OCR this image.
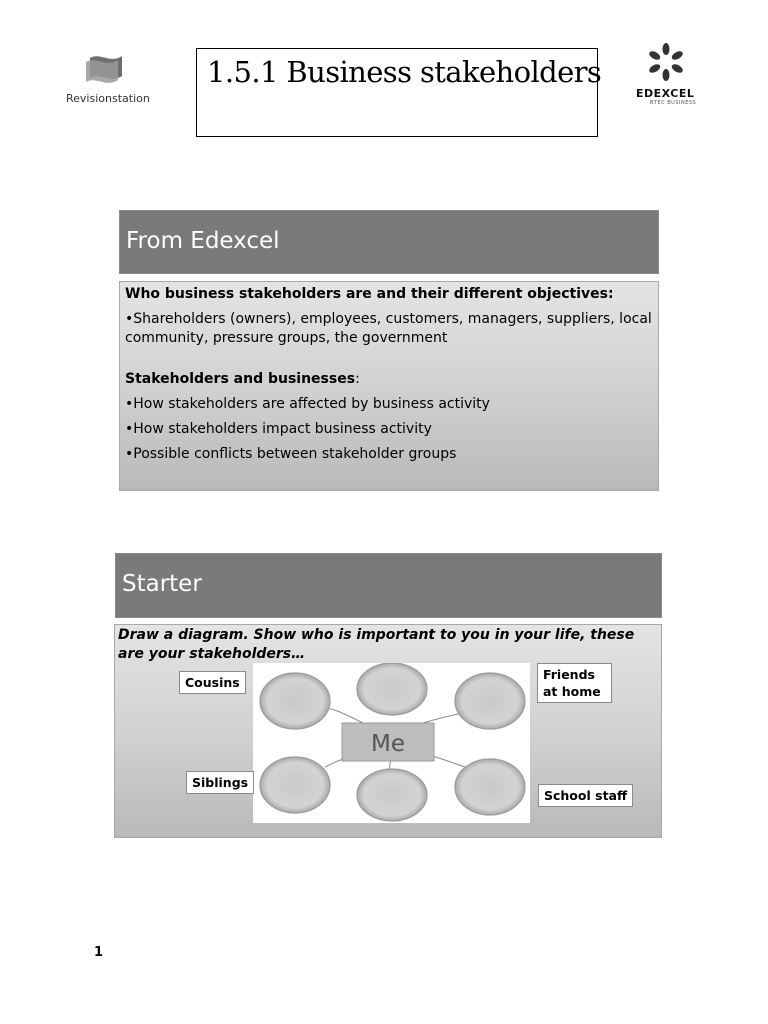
Revisionstation
1.5.1 Business stakeholders
EDEXCEL
BTEC BUSINESS
From Edexcel

Who business stakeholders are and their different objectives:

•Shareholders (owners), employees, customers, managers, suppliers, local community, pressure groups, the government

Stakeholders and businesses:

•How stakeholders are affected by business activity

•How stakeholders impact business activity

•Possible conflicts between stakeholder groups

Starter
Draw a diagram. Show who is important to you in your life, these are your stakeholders…
Me
Cousins
Friends at home
Siblings
School staff
1
